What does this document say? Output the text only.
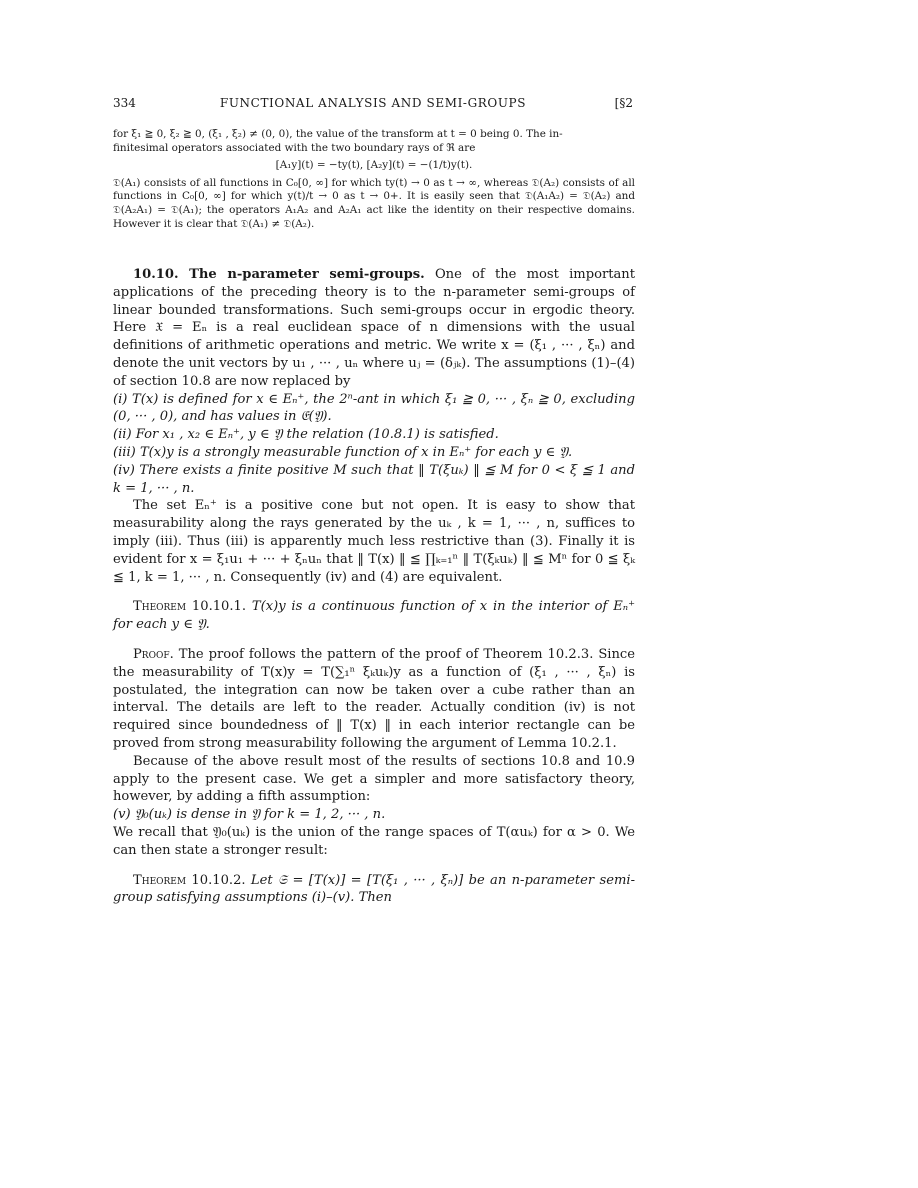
334	FUNCTIONAL ANALYSIS AND SEMI-GROUPS	[§2

for ξ₁ ≧ 0, ξ₂ ≧ 0, (ξ₁ , ξ₂) ≠ (0, 0), the value of the transform at t = 0 being 0. The in-

finitesimal operators associated with the two boundary rays of ℜ are

[A₁y](t) = −ty(t), [A₂y](t) = −(1/t)y(t).

𝔇(A₁) consists of all functions in C₀[0, ∞] for which ty(t) → 0 as t → ∞, whereas 𝔇(A₂) consists of all functions in C₀[0, ∞] for which y(t)/t → 0 as t → 0+. It is easily seen that 𝔇(A₁A₂) = 𝔇(A₂) and 𝔇(A₂A₁) = 𝔇(A₁); the operators A₁A₂ and A₂A₁ act like the identity on their respective domains. However it is clear that 𝔇(A₁) ≠ 𝔇(A₂).

10.10. The n-parameter semi-groups. One of the most important applications of the preceding theory is to the n-parameter semi-groups of linear bounded transformations. Such semi-groups occur in ergodic theory. Here 𝔛 = Eₙ is a real euclidean space of n dimensions with the usual definitions of arithmetic operations and metric. We write x = (ξ₁ , ··· , ξₙ) and denote the unit vectors by u₁ , ··· , uₙ where uⱼ = (δⱼₖ). The assumptions (1)–(4) of section 10.8 are now replaced by

(i) T(x) is defined for x ∈ Eₙ⁺, the 2ⁿ-ant in which ξ₁ ≧ 0, ··· , ξₙ ≧ 0, excluding (0, ··· , 0), and has values in 𝔈(𝔜).

(ii) For x₁ , x₂ ∈ Eₙ⁺, y ∈ 𝔜 the relation (10.8.1) is satisfied.

(iii) T(x)y is a strongly measurable function of x in Eₙ⁺ for each y ∈ 𝔜.

(iv) There exists a finite positive M such that ‖ T(ξuₖ) ‖ ≦ M for 0 < ξ ≦ 1 and k = 1, ··· , n.

The set Eₙ⁺ is a positive cone but not open. It is easy to show that measurability along the rays generated by the uₖ , k = 1, ··· , n, suffices to imply (iii). Thus (iii) is apparently much less restrictive than (3). Finally it is evident for x = ξ₁u₁ + ··· + ξₙuₙ that ‖ T(x) ‖ ≦ ∏ₖ₌₁ⁿ ‖ T(ξₖuₖ) ‖ ≦ Mⁿ for 0 ≦ ξₖ ≦ 1, k = 1, ··· , n. Consequently (iv) and (4) are equivalent.

Theorem 10.10.1. T(x)y is a continuous function of x in the interior of Eₙ⁺ for each y ∈ 𝔜.

Proof. The proof follows the pattern of the proof of Theorem 10.2.3. Since the measurability of T(x)y = T(∑₁ⁿ ξₖuₖ)y as a function of (ξ₁ , ··· , ξₙ) is postulated, the integration can now be taken over a cube rather than an interval. The details are left to the reader. Actually condition (iv) is not required since boundedness of ‖ T(x) ‖ in each interior rectangle can be proved from strong measurability following the argument of Lemma 10.2.1.

Because of the above result most of the results of sections 10.8 and 10.9 apply to the present case. We get a simpler and more satisfactory theory, however, by adding a fifth assumption:

(v) 𝔜₀(uₖ) is dense in 𝔜 for k = 1, 2, ··· , n.

We recall that 𝔜₀(uₖ) is the union of the range spaces of T(αuₖ) for α > 0. We can then state a stronger result:

Theorem 10.10.2. Let 𝔖 = [T(x)] = [T(ξ₁ , ··· , ξₙ)] be an n-parameter semi-group satisfying assumptions (i)–(v). Then
